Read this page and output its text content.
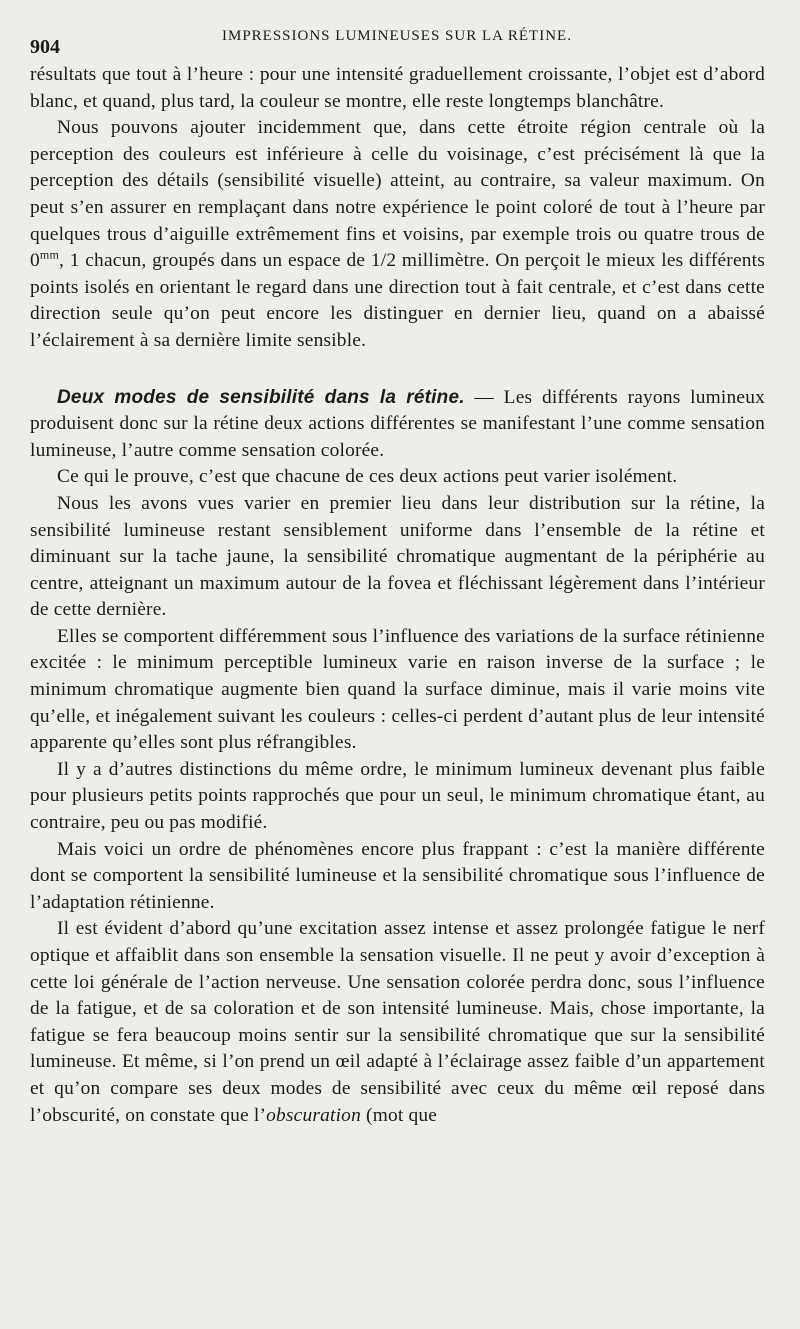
904	IMPRESSIONS LUMINEUSES SUR LA RÉTINE.

résultats que tout à l’heure : pour une intensité graduellement croissante, l’objet est d’abord blanc, et quand, plus tard, la couleur se montre, elle reste longtemps blanchâtre.

Nous pouvons ajouter incidemment que, dans cette étroite région centrale où la perception des couleurs est inférieure à celle du voisinage, c’est précisément là que la perception des détails (sensibilité visuelle) atteint, au contraire, sa valeur maximum. On peut s’en assurer en remplaçant dans notre expérience le point coloré de tout à l’heure par quelques trous d’aiguille extrêmement fins et voisins, par exemple trois ou quatre trous de $0^{mm}$, 1 chacun, groupés dans un espace de 1/2 millimètre. On perçoit le mieux les différents points isolés en orientant le regard dans une direction tout à fait centrale, et c’est dans cette direction seule qu’on peut encore les distinguer en dernier lieu, quand on a abaissé l’éclairement à sa dernière limite sensible.

Deux modes de sensibilité dans la rétine. — Les différents rayons lumineux produisent donc sur la rétine deux actions différentes se manifestant l’une comme sensation lumineuse, l’autre comme sensation colorée.

Ce qui le prouve, c’est que chacune de ces deux actions peut varier isolément.

Nous les avons vues varier en premier lieu dans leur distribution sur la rétine, la sensibilité lumineuse restant sensiblement uniforme dans l’ensemble de la rétine et diminuant sur la tache jaune, la sensibilité chromatique augmentant de la périphérie au centre, atteignant un maximum autour de la fovea et fléchissant légèrement dans l’intérieur de cette dernière.

Elles se comportent différemment sous l’influence des variations de la surface rétinienne excitée : le minimum perceptible lumineux varie en raison inverse de la surface ; le minimum chromatique augmente bien quand la surface diminue, mais il varie moins vite qu’elle, et inégalement suivant les couleurs : celles-ci perdent d’autant plus de leur intensité apparente qu’elles sont plus réfrangibles.

Il y a d’autres distinctions du même ordre, le minimum lumineux devenant plus faible pour plusieurs petits points rapprochés que pour un seul, le minimum chromatique étant, au contraire, peu ou pas modifié.

Mais voici un ordre de phénomènes encore plus frappant : c’est la manière différente dont se comportent la sensibilité lumineuse et la sensibilité chromatique sous l’influence de l’adaptation rétinienne.

Il est évident d’abord qu’une excitation assez intense et assez prolongée fatigue le nerf optique et affaiblit dans son ensemble la sensation visuelle. Il ne peut y avoir d’exception à cette loi générale de l’action nerveuse. Une sensation colorée perdra donc, sous l’influence de la fatigue, et de sa coloration et de son intensité lumineuse. Mais, chose importante, la fatigue se fera beaucoup moins sentir sur la sensibilité chromatique que sur la sensibilité lumineuse. Et même, si l’on prend un œil adapté à l’éclairage assez faible d’un appartement et qu’on compare ses deux modes de sensibilité avec ceux du même œil reposé dans l’obscurité, on constate que l’obscuration (mot que
